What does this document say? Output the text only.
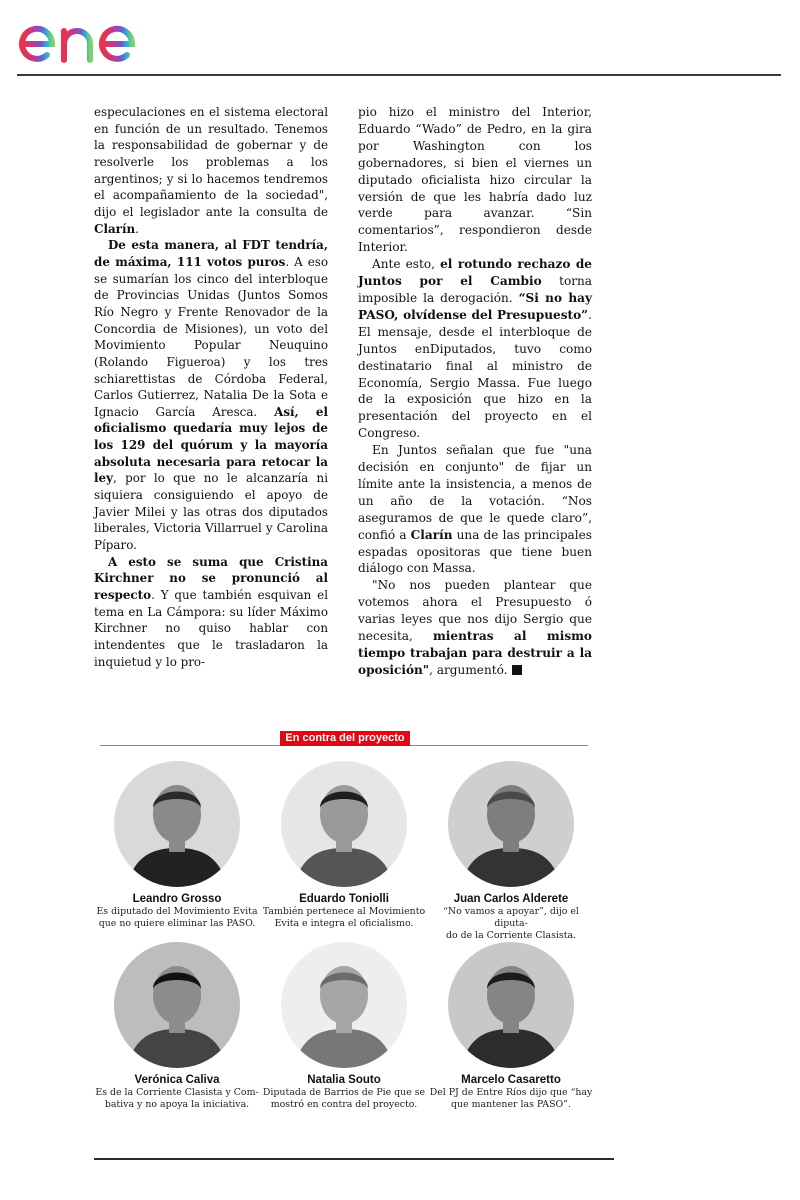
especulaciones en el sistema electoral en función de un resultado. Tenemos la responsabilidad de gobernar y de resolverle los problemas a los argentinos; y si lo hacemos tendremos el acompañamiento de la sociedad", dijo el legislador ante la consulta de Clarín.

De esta manera, al FDT tendría, de máxima, 111 votos puros. A eso se sumarían los cinco del interbloque de Provincias Unidas (Juntos Somos Río Negro y Frente Renovador de la Concordia de Misiones), un voto del Movimiento Popular Neuquino (Rolando Figueroa) y los tres schiarettistas de Córdoba Federal, Carlos Gutierrez, Natalia De la Sota e Ignacio García Aresca. Así, el oficialismo quedaría muy lejos de los 129 del quórum y la mayoría absoluta necesaria para retocar la ley, por lo que no le alcanzaría ni siquiera consiguiendo el apoyo de Javier Milei y las otras dos diputados liberales, Victoria Villarruel y Carolina Píparo.

A esto se suma que Cristina Kirchner no se pronunció al respecto. Y que también esquivan el tema en La Cámpora: su líder Máximo Kirchner no quiso hablar con intendentes que le trasladaron la inquietud y lo pro-

pio hizo el ministro del Interior, Eduardo “Wado” de Pedro, en la gira por Washington con los gobernadores, si bien el viernes un diputado oficialista hizo circular la versión de que les habría dado luz verde para avanzar. “Sin comentarios”, respondieron desde Interior.

Ante esto, el rotundo rechazo de Juntos por el Cambio torna imposible la derogación. “Si no hay PASO, olvídense del Presupuesto”. El mensaje, desde el interbloque de Juntos enDiputados, tuvo como destinatario final al ministro de Economía, Sergio Massa. Fue luego de la exposición que hizo en la presentación del proyecto en el Congreso.

En Juntos señalan que fue "una decisión en conjunto" de fijar un límite ante la insistencia, a menos de un año de la votación. “Nos aseguramos de que le quede claro”, confió a Clarín una de las principales espadas opositoras que tiene buen diálogo con Massa.

"No nos pueden plantear que votemos ahora el Presupuesto ó varias leyes que nos dijo Sergio que necesita, mientras al mismo tiempo trabajan para destruir a la oposición", argumentó.

En contra del proyecto
Leandro Grosso
Es diputado del Movimiento Evita
que no quiere eliminar las PASO.
Eduardo Toniolli
También pertenece al Movimiento
Evita e integra el oficialismo.
Juan Carlos Alderete
“No vamos a apoyar”, dijo el diputa-
do de la Corriente Clasista.
Verónica Caliva
Es de la Corriente Clasista y Com-
bativa y no apoya la iniciativa.
Natalia Souto
Diputada de Barrios de Pie que se
mostró en contra del proyecto.
Marcelo Casaretto
Del PJ de Entre Ríos dijo que “hay
que mantener las PASO”.
